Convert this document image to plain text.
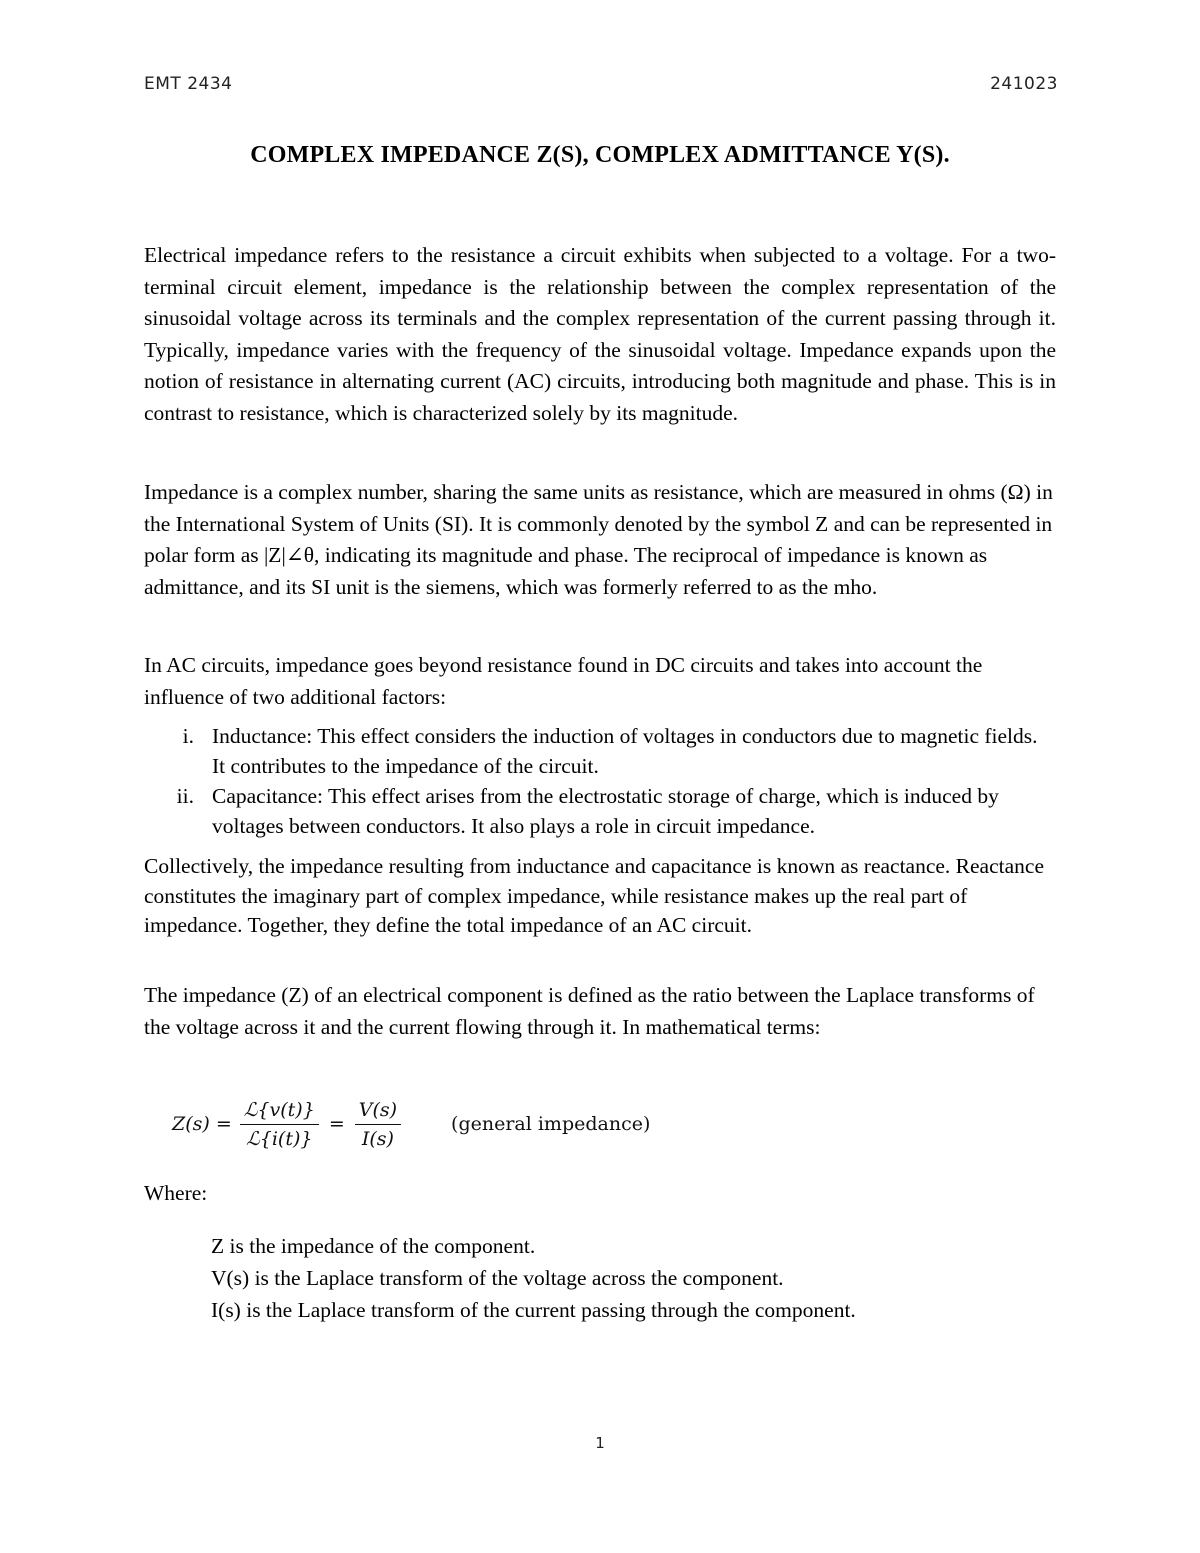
EMT 2434	241023
COMPLEX IMPEDANCE Z(S), COMPLEX ADMITTANCE Y(S).

Electrical impedance refers to the resistance a circuit exhibits when subjected to a voltage. For a two-terminal circuit element, impedance is the relationship between the complex representation of the sinusoidal voltage across its terminals and the complex representation of the current passing through it. Typically, impedance varies with the frequency of the sinusoidal voltage. Impedance expands upon the notion of resistance in alternating current (AC) circuits, introducing both magnitude and phase. This is in contrast to resistance, which is characterized solely by its magnitude.

Impedance is a complex number, sharing the same units as resistance, which are measured in ohms (Ω) in the International System of Units (SI). It is commonly denoted by the symbol Z and can be represented in polar form as |Z|∠θ, indicating its magnitude and phase. The reciprocal of impedance is known as admittance, and its SI unit is the siemens, which was formerly referred to as the mho.

In AC circuits, impedance goes beyond resistance found in DC circuits and takes into account the influence of two additional factors:

i. Inductance: This effect considers the induction of voltages in conductors due to magnetic fields. It contributes to the impedance of the circuit.
ii. Capacitance: This effect arises from the electrostatic storage of charge, which is induced by voltages between conductors. It also plays a role in circuit impedance.

Collectively, the impedance resulting from inductance and capacitance is known as reactance. Reactance constitutes the imaginary part of complex impedance, while resistance makes up the real part of impedance. Together, they define the total impedance of an AC circuit.

The impedance (Z) of an electrical component is defined as the ratio between the Laplace transforms of the voltage across it and the current flowing through it. In mathematical terms:

$Z(s) = \frac{\text{ℒ\{v(t)\}}}{\text{ℒ\{i(t)\}}} = \frac{V(s)}{I(s)}$	(general impedance)
Where:
Z is the impedance of the component.
V(s) is the Laplace transform of the voltage across the component.
I(s) is the Laplace transform of the current passing through the component.
1
